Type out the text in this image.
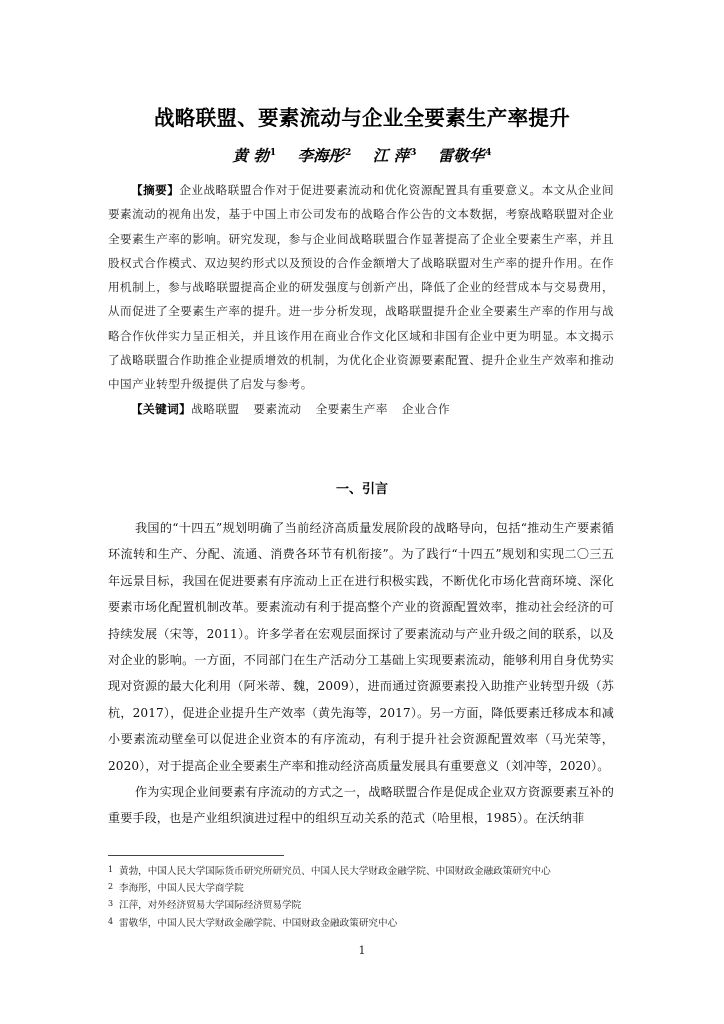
战略联盟、要素流动与企业全要素生产率提升
黄 勃$^1$ 李海彤$^2$ 江 萍$^3$ 雷敬华$^4$

【摘要】企业战略联盟合作对于促进要素流动和优化资源配置具有重要意义。本文从企业间要素流动的视角出发，基于中国上市公司发布的战略合作公告的文本数据，考察战略联盟对企业全要素生产率的影响。研究发现，参与企业间战略联盟合作显著提高了企业全要素生产率，并且股权式合作模式、双边契约形式以及预设的合作金额增大了战略联盟对生产率的提升作用。在作用机制上，参与战略联盟提高企业的研发强度与创新产出，降低了企业的经营成本与交易费用，从而促进了全要素生产率的提升。进一步分析发现，战略联盟提升企业全要素生产率的作用与战略合作伙伴实力呈正相关，并且该作用在商业合作文化区域和非国有企业中更为明显。本文揭示了战略联盟合作助推企业提质增效的机制，为优化企业资源要素配置、提升企业生产效率和推动中国产业转型升级提供了启发与参考。

【关键词】战略联盟 要素流动 全要素生产率 企业合作

一、引言

我国的“十四五”规划明确了当前经济高质量发展阶段的战略导向，包括“推动生产要素循环流转和生产、分配、流通、消费各环节有机衔接”。为了践行“十四五”规划和实现二〇三五年远景目标，我国在促进要素有序流动上正在进行积极实践，不断优化市场化营商环境、深化要素市场化配置机制改革。要素流动有利于提高整个产业的资源配置效率，推动社会经济的可持续发展（宋等，2011）。许多学者在宏观层面探讨了要素流动与产业升级之间的联系，以及对企业的影响。一方面，不同部门在生产活动分工基础上实现要素流动，能够利用自身优势实现对资源的最大化利用（阿米蒂、魏，2009），进而通过资源要素投入助推产业转型升级（苏杭，2017），促进企业提升生产效率（黄先海等，2017）。另一方面，降低要素迁移成本和减小要素流动壁垒可以促进企业资本的有序流动，有利于提升社会资源配置效率（马光荣等，2020），对于提高企业全要素生产率和推动经济高质量发展具有重要意义（刘冲等，2020）。

作为实现企业间要素有序流动的方式之一，战略联盟合作是促成企业双方资源要素互补的重要手段，也是产业组织演进过程中的组织互动关系的范式（哈里根，1985）。在沃纳菲

1 黄勃，中国人民大学国际货币研究所研究员、中国人民大学财政金融学院、中国财政金融政策研究中心
2 李海彤，中国人民大学商学院
3 江萍，对外经济贸易大学国际经济贸易学院
4 雷敬华，中国人民大学财政金融学院、中国财政金融政策研究中心
1
